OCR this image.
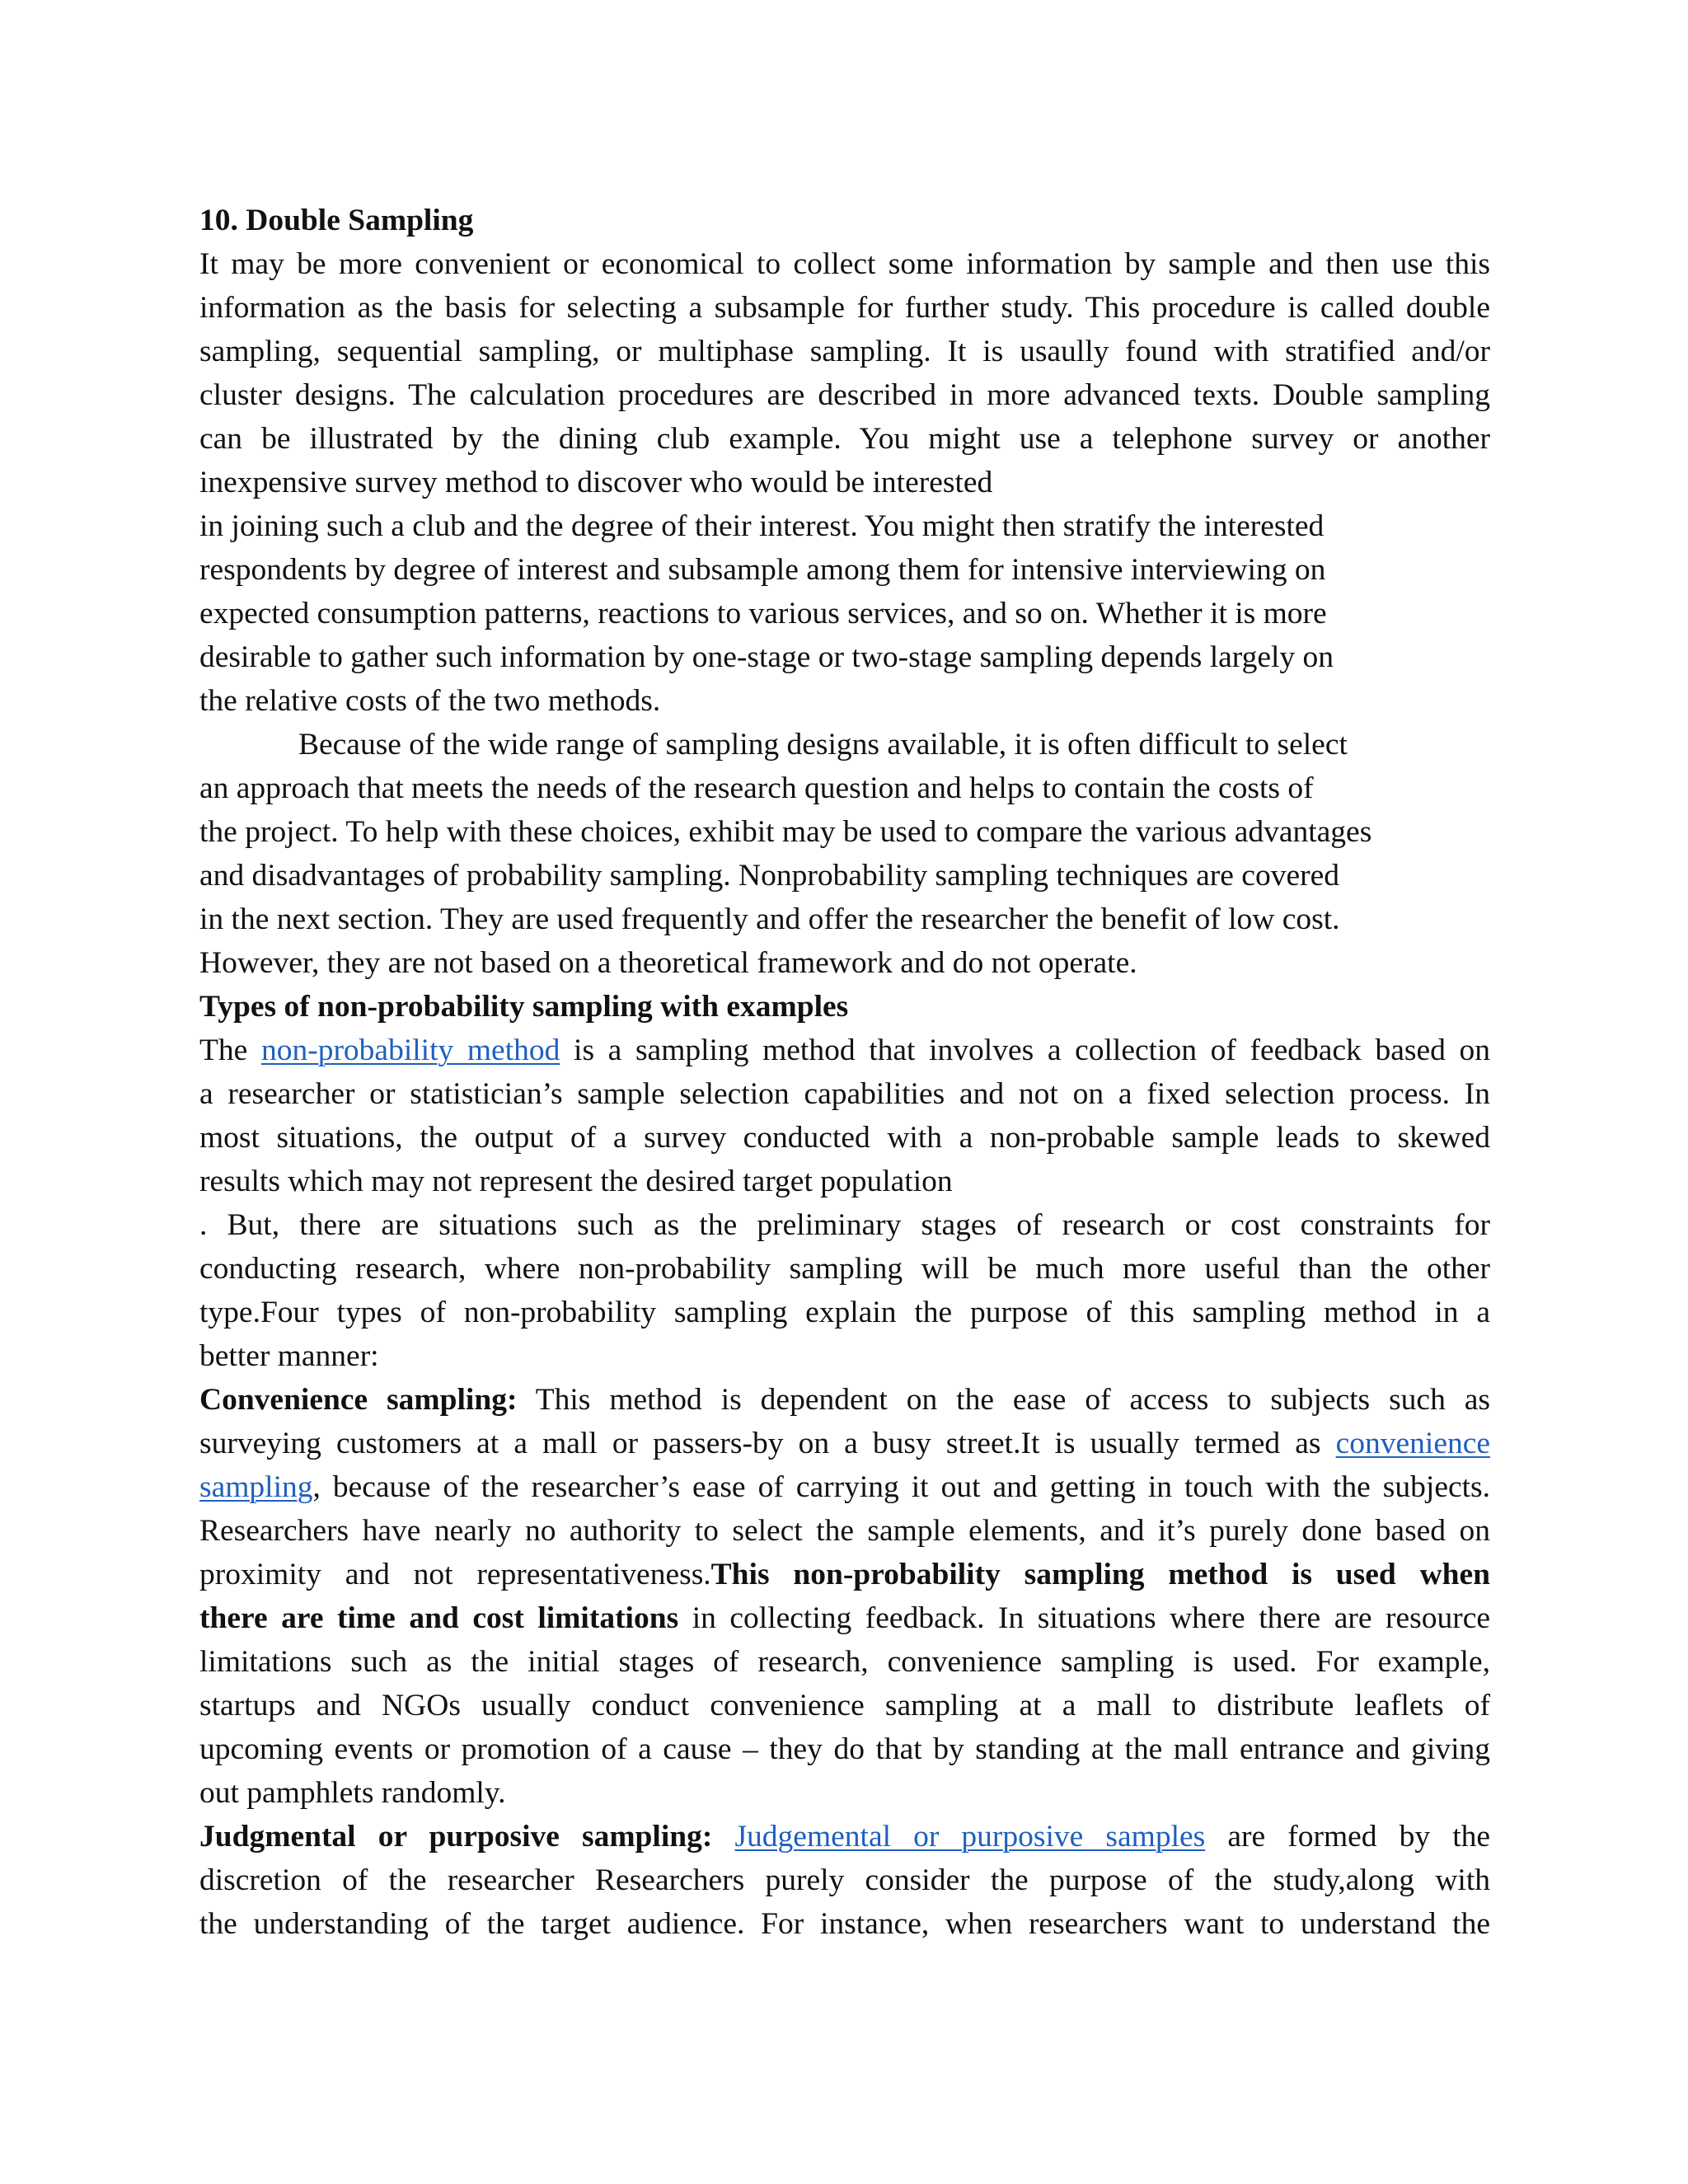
10. Double Sampling
It may be more convenient or economical to collect some information by sample and then use this
information as the basis for selecting a subsample for further study. This procedure is called double
sampling, sequential sampling, or multiphase sampling. It is usaully found with stratified and/or
cluster designs. The calculation procedures are described in more advanced texts. Double sampling
can be illustrated by the dining club example. You might use a telephone survey or another
inexpensive survey method to discover who would be interested
in joining such a club and the degree of their interest. You might then stratify the interested
respondents by degree of interest and subsample among them for intensive interviewing on
expected consumption patterns, reactions to various services, and so on. Whether it is more
desirable to gather such information by one-stage or two-stage sampling depends largely on
the relative costs of the two methods.
Because of the wide range of sampling designs available, it is often difficult to select
an approach that meets the needs of the research question and helps to contain the costs of
the project. To help with these choices, exhibit may be used to compare the various advantages
and disadvantages of probability sampling. Nonprobability sampling techniques are covered
in the next section. They are used frequently and offer the researcher the benefit of low cost.
However, they are not based on a theoretical framework and do not operate.
Types of non-probability sampling with examples
The non-probability method is a sampling method that involves a collection of feedback based on
a researcher or statistician’s sample selection capabilities and not on a fixed selection process. In
most situations, the output of a survey conducted with a non-probable sample leads to skewed
results which may not represent the desired target population
. But, there are situations such as the preliminary stages of research or cost constraints for
conducting research, where non-probability sampling will be much more useful than the other
type.Four types of non-probability sampling explain the purpose of this sampling method in a
better manner:
Convenience sampling: This method is dependent on the ease of access to subjects such as
surveying customers at a mall or passers-by on a busy street.It is usually termed as convenience
sampling, because of the researcher’s ease of carrying it out and getting in touch with the subjects.
Researchers have nearly no authority to select the sample elements, and it’s purely done based on
proximity and not representativeness.This non-probability sampling method is used when
there are time and cost limitations in collecting feedback. In situations where there are resource
limitations such as the initial stages of research, convenience sampling is used. For example,
startups and NGOs usually conduct convenience sampling at a mall to distribute leaflets of
upcoming events or promotion of a cause – they do that by standing at the mall entrance and giving
out pamphlets randomly.
Judgmental or purposive sampling: Judgemental or purposive samples are formed by the
discretion of the researcher Researchers purely consider the purpose of the study,along with
the understanding of the target audience. For instance, when researchers want to understand the
